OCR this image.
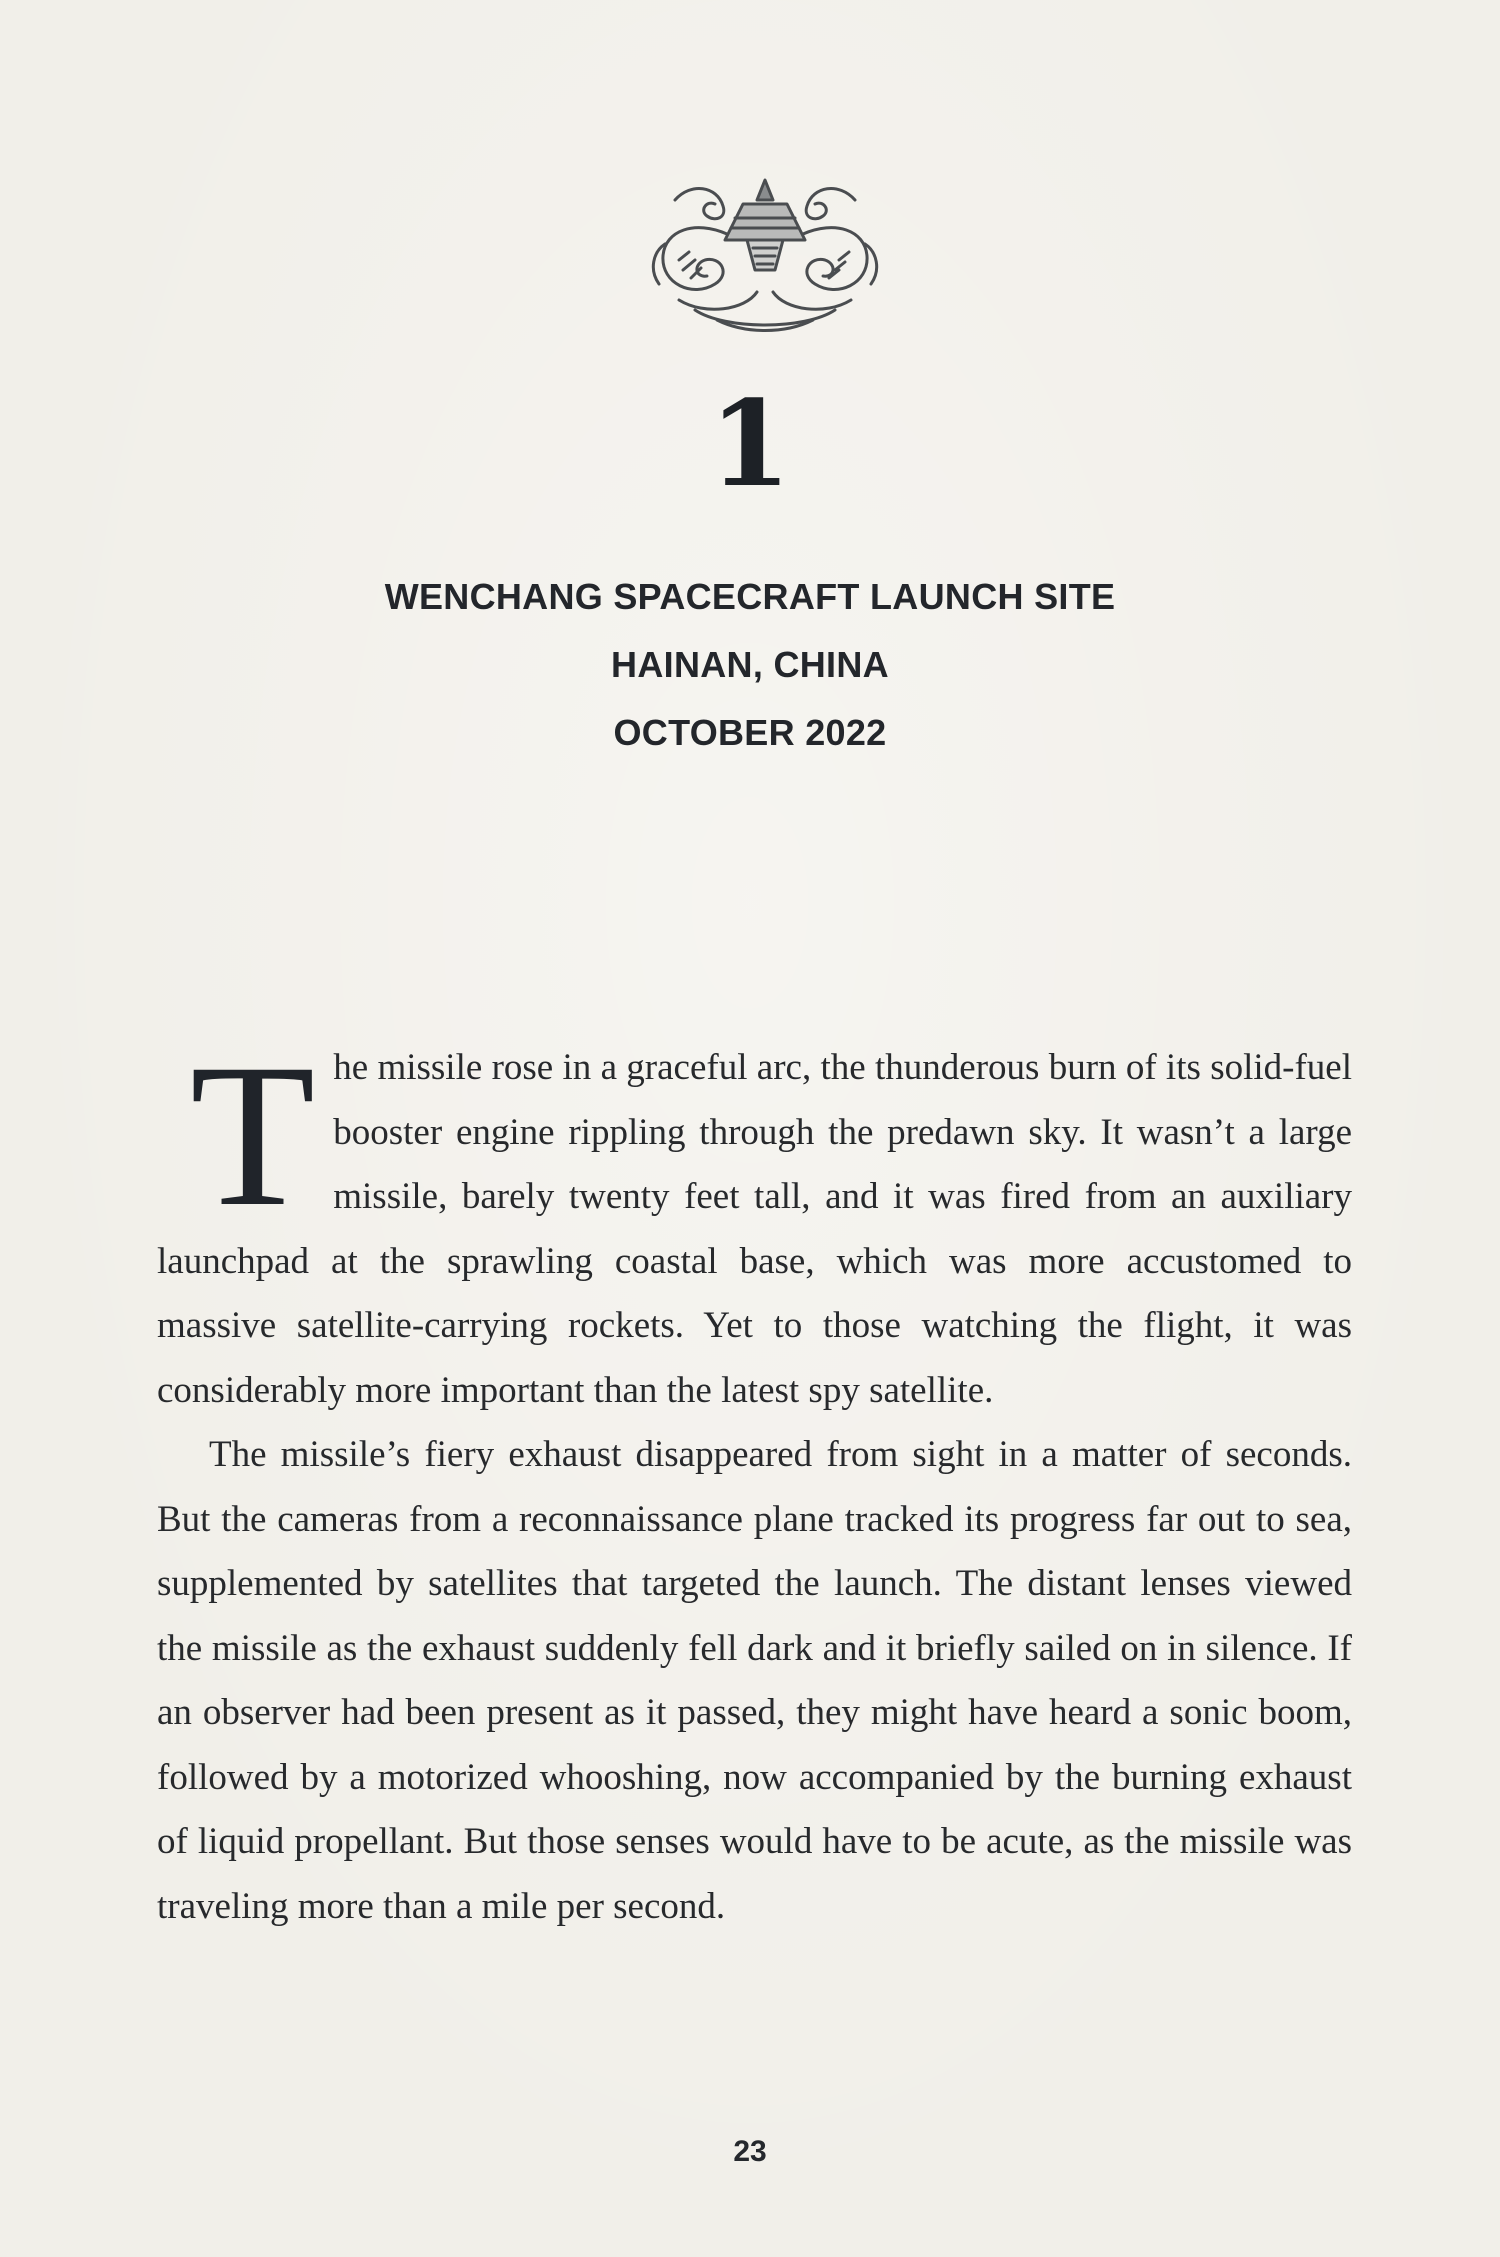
1
WENCHANG SPACECRAFT LAUNCH SITE
HAINAN, CHINA
OCTOBER 2022

The missile rose in a graceful arc, the thunderous burn of its solid-fuel booster engine rippling through the predawn sky. It wasn’t a large missile, barely twenty feet tall, and it was fired from an auxiliary launchpad at the sprawling coastal base, which was more accustomed to massive satellite-carrying rockets. Yet to those watching the flight, it was considerably more important than the latest spy satellite.

The missile’s fiery exhaust disappeared from sight in a matter of seconds. But the cameras from a reconnaissance plane tracked its progress far out to sea, supplemented by satellites that targeted the launch. The distant lenses viewed the missile as the exhaust suddenly fell dark and it briefly sailed on in silence. If an observer had been present as it passed, they might have heard a sonic boom, followed by a motorized whooshing, now accompanied by the burning exhaust of liquid propellant. But those senses would have to be acute, as the missile was traveling more than a mile per second.

23
